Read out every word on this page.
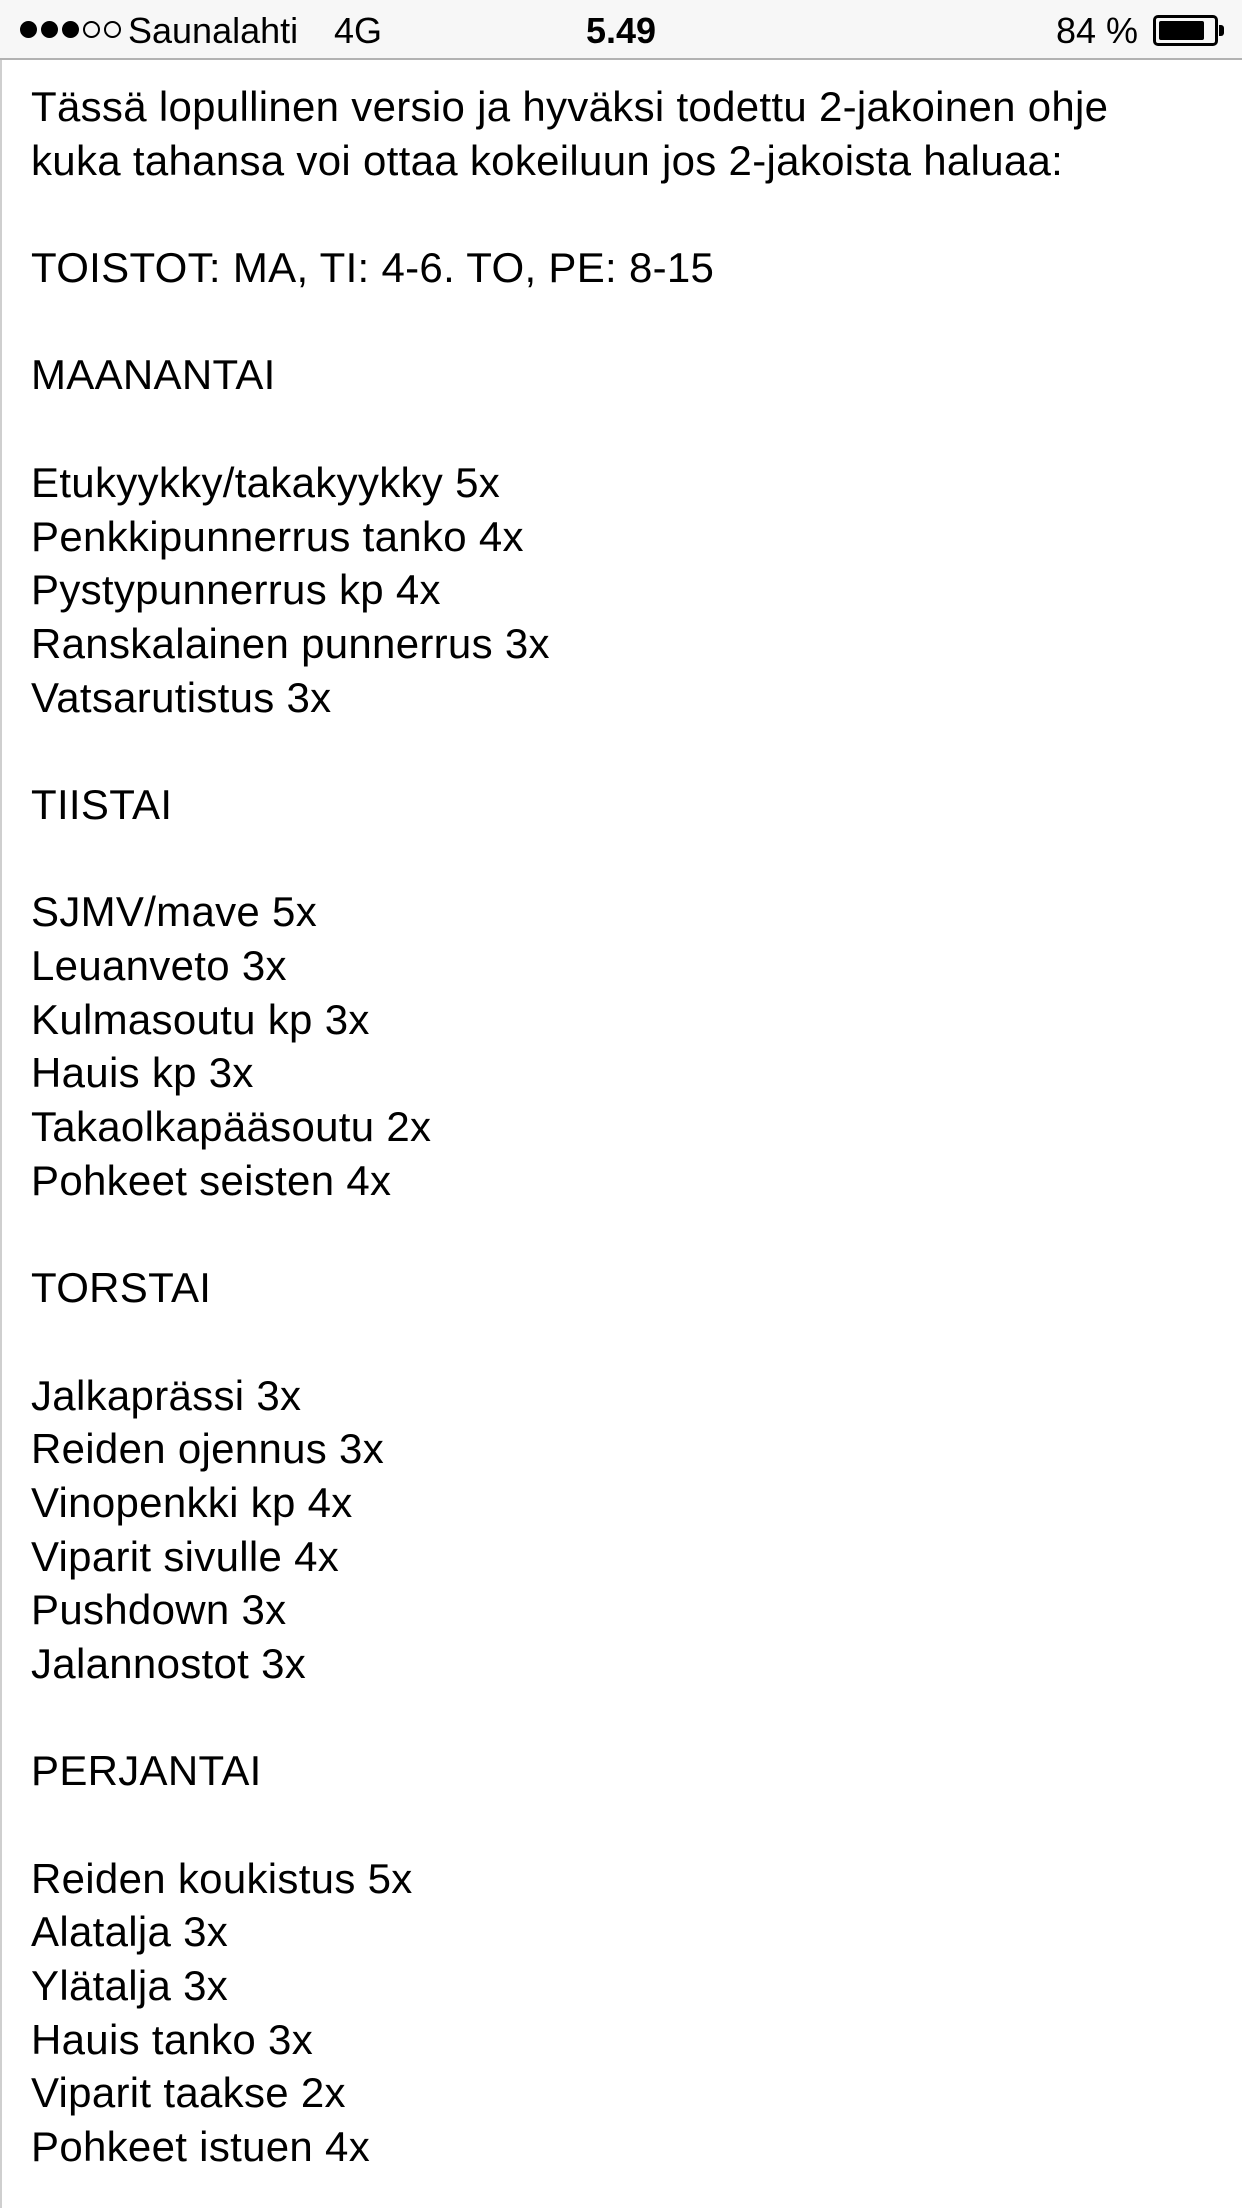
Saunalahti 4G	5.49	84 %
Tässä lopullinen versio ja hyväksi todettu 2-jakoinen ohje
kuka tahansa voi ottaa kokeiluun jos 2-jakoista haluaa:
TOISTOT: MA, TI: 4-6. TO, PE: 8-15
MAANANTAI
Etukyykky/takakyykky 5x
Penkkipunnerrus tanko 4x
Pystypunnerrus kp 4x
Ranskalainen punnerrus 3x
Vatsarutistus 3x
TIISTAI
SJMV/mave 5x
Leuanveto 3x
Kulmasoutu kp 3x
Hauis kp 3x
Takaolkapääsoutu 2x
Pohkeet seisten 4x
TORSTAI
Jalkaprässi 3x
Reiden ojennus 3x
Vinopenkki kp 4x
Viparit sivulle 4x
Pushdown 3x
Jalannostot 3x
PERJANTAI
Reiden koukistus 5x
Alatalja 3x
Ylätalja 3x
Hauis tanko 3x
Viparit taakse 2x
Pohkeet istuen 4x
